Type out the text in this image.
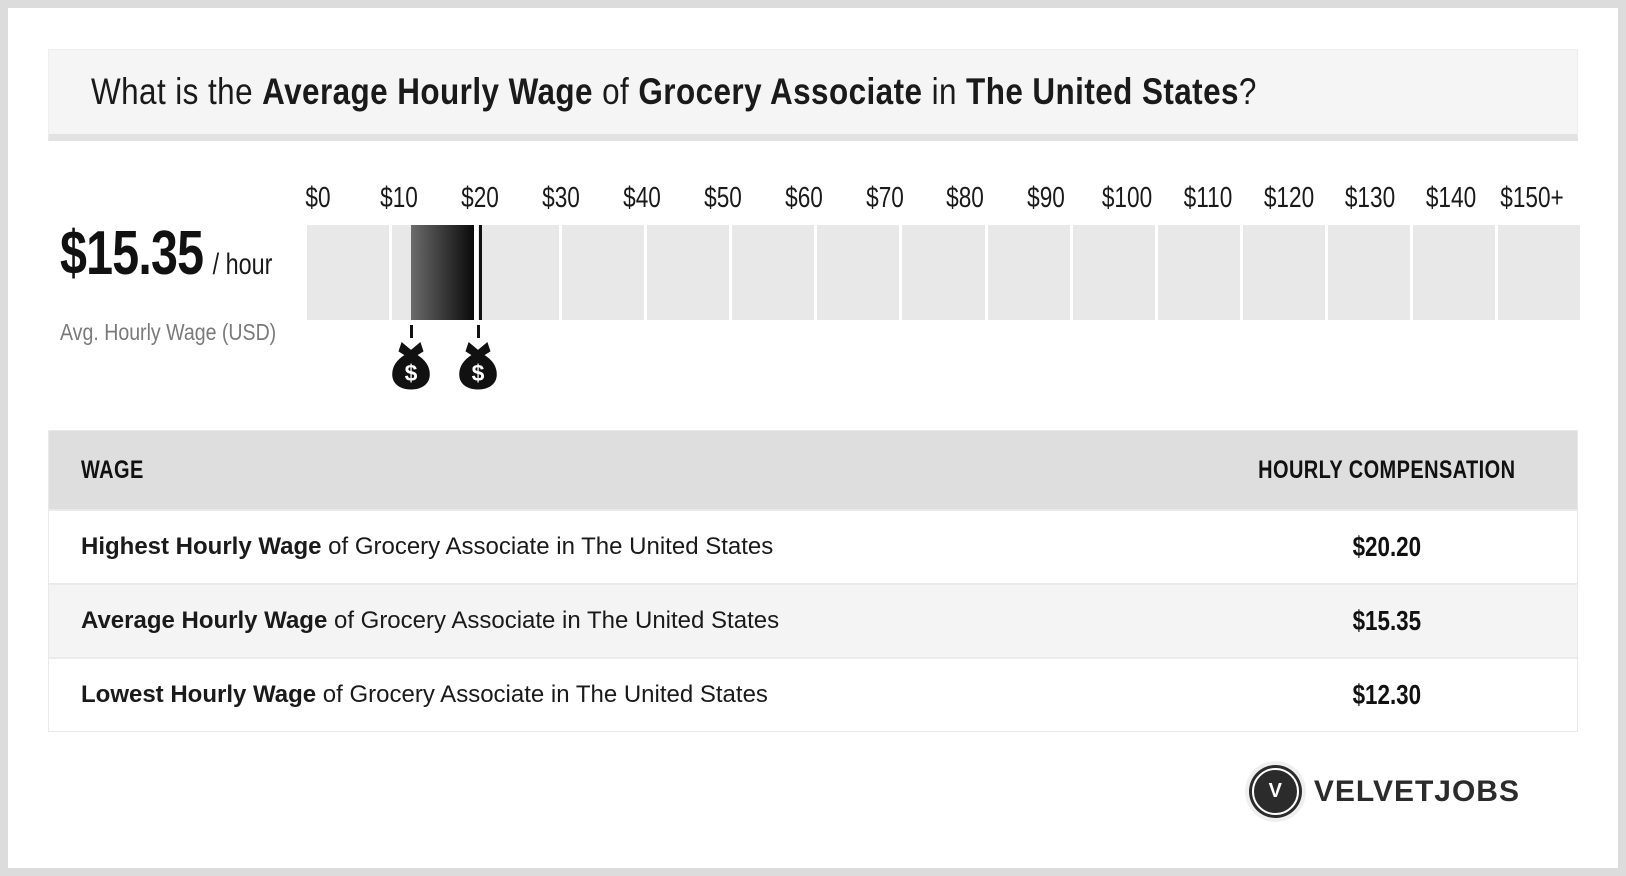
What is the Average Hourly Wage of Grocery Associate in The United States?
$15.35 / hour

Avg. Hourly Wage (USD)
$0 $10 $20 $30 $40 $50 $60 $70 $80 $90 $100 $110 $120 $130 $140 $150+
$ $
WAGE	HOURLY COMPENSATION
Highest Hourly Wage of Grocery Associate in The United States	$20.20
Average Hourly Wage of Grocery Associate in The United States	$15.35
Lowest Hourly Wage of Grocery Associate in The United States	$12.30
V	VELVETJOBS
